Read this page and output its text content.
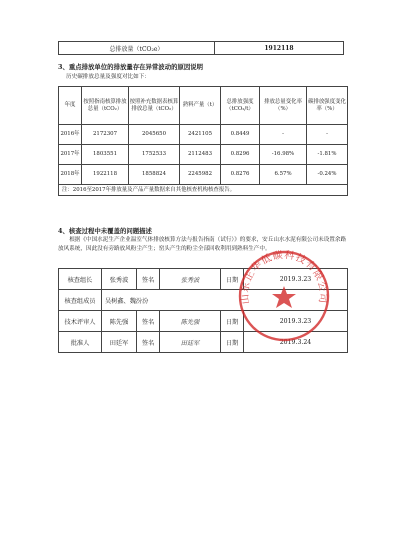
总排放量（tCO₂e）	1912118
3、重点排放单位的排放量存在异常波动的原因说明
历史碳排放总量及强度对比如下：
年度	按照指南核算排放总量（tCO₂）	按照补充数据表核算排放总量（tCO₂）	熟料产量（t）	总排放强度（tCO₂/t）	排放总量变化率（%）	碳排放强度变化率（%）
2016年	2172307	2045650	2421105	0.8449	-	-
2017年	1803551	1752533	2112483	0.8296	-16.98%	-1.81%
2018年	1922118	1858824	2245982	0.8276	6.57%	-0.24%
注：2016至2017年排放量及产品产量数据来自其他核查机构核查报告。						
4、核查过程中未覆盖的问题描述
根据《中国水泥生产企业温室气体排放核算方法与报告指南（试行）》的要求，安丘山水水泥有限公司未设置余路放风系统，因此没有旁路放风粉尘产生；窑头产生的粉尘全部回收利用到熟料生产中。
核查组长	张秀波	签名	张秀波	日期	2019.3.23
核查组成员	吴树鑫、魏汾汾				
技术评审人	陈先强	签名	陈先强	日期	2019.3.23
批准人	田廷军	签名	田廷军	日期	2019.3.24
山东正华低碳科技有限公司
